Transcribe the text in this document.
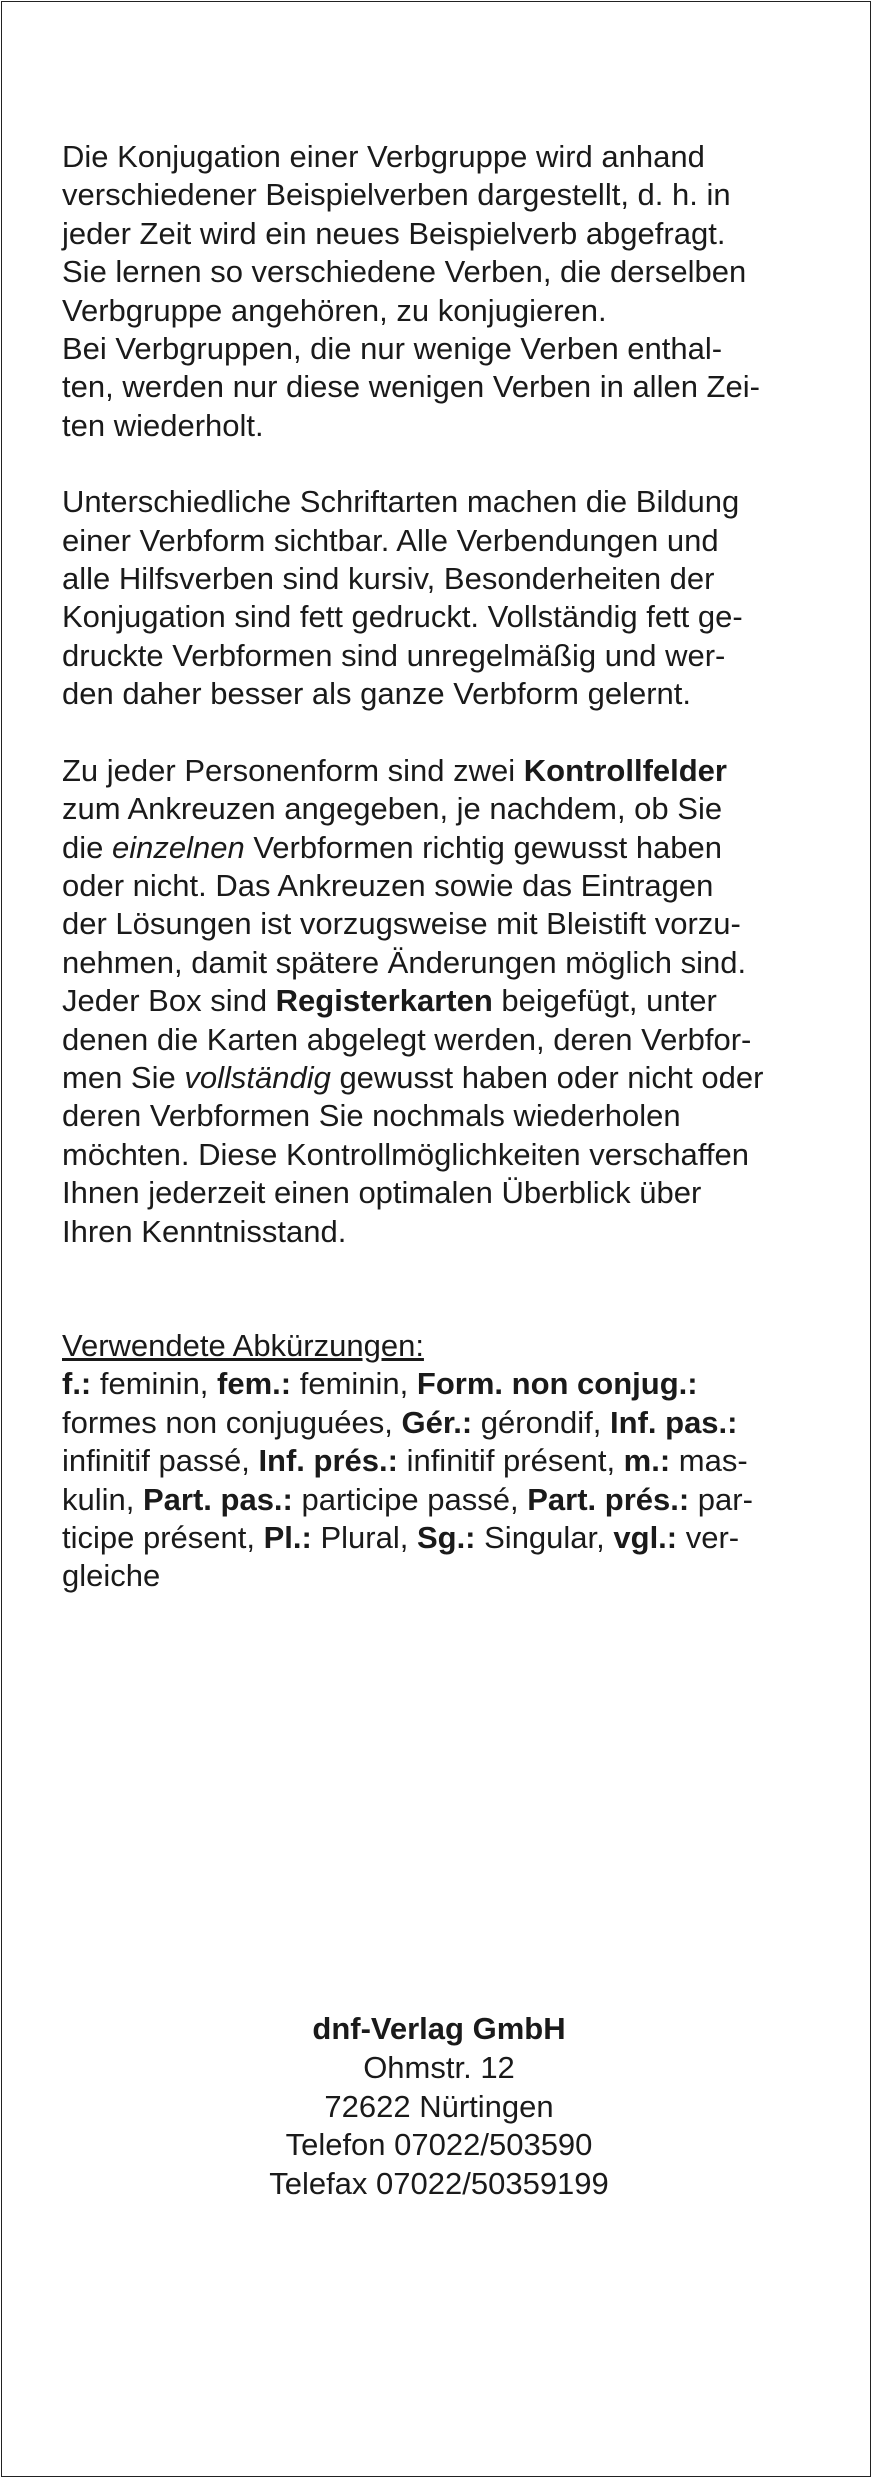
Die Konjugation einer Verbgruppe wird anhand
verschiedener Beispielverben dargestellt, d. h. in
jeder Zeit wird ein neues Beispielverb abgefragt.
Sie lernen so verschiedene Verben, die derselben
Verbgruppe angehören, zu konjugieren.
Bei Verbgruppen, die nur wenige Verben enthal-
ten, werden nur diese wenigen Verben in allen Zei-
ten wiederholt.

Unterschiedliche Schriftarten machen die Bildung
einer Verbform sichtbar. Alle Verbendungen und
alle Hilfsverben sind kursiv, Besonderheiten der
Konjugation sind fett gedruckt. Vollständig fett ge-
druckte Verbformen sind unregelmäßig und wer-
den daher besser als ganze Verbform gelernt.

Zu jeder Personenform sind zwei Kontrollfelder
zum Ankreuzen angegeben, je nachdem, ob Sie
die einzelnen Verbformen richtig gewusst haben
oder nicht. Das Ankreuzen sowie das Eintragen
der Lösungen ist vorzugsweise mit Bleistift vorzu-
nehmen, damit spätere Änderungen möglich sind.
Jeder Box sind Registerkarten beigefügt, unter
denen die Karten abgelegt werden, deren Verbfor-
men Sie vollständig gewusst haben oder nicht oder
deren Verbformen Sie nochmals wiederholen
möchten. Diese Kontrollmöglichkeiten verschaffen
Ihnen jederzeit einen optimalen Überblick über
Ihren Kenntnisstand.

Verwendete Abkürzungen:
f.: feminin, fem.: feminin, Form. non conjug.:
formes non conjuguées, Gér.: gérondif, Inf. pas.:
infinitif passé, Inf. prés.: infinitif présent, m.: mas-
kulin, Part. pas.: participe passé, Part. prés.: par-
ticipe présent, Pl.: Plural, Sg.: Singular, vgl.: ver-
gleiche

dnf-Verlag GmbH
Ohmstr. 12
72622 Nürtingen
Telefon 07022/503590
Telefax 07022/50359199
